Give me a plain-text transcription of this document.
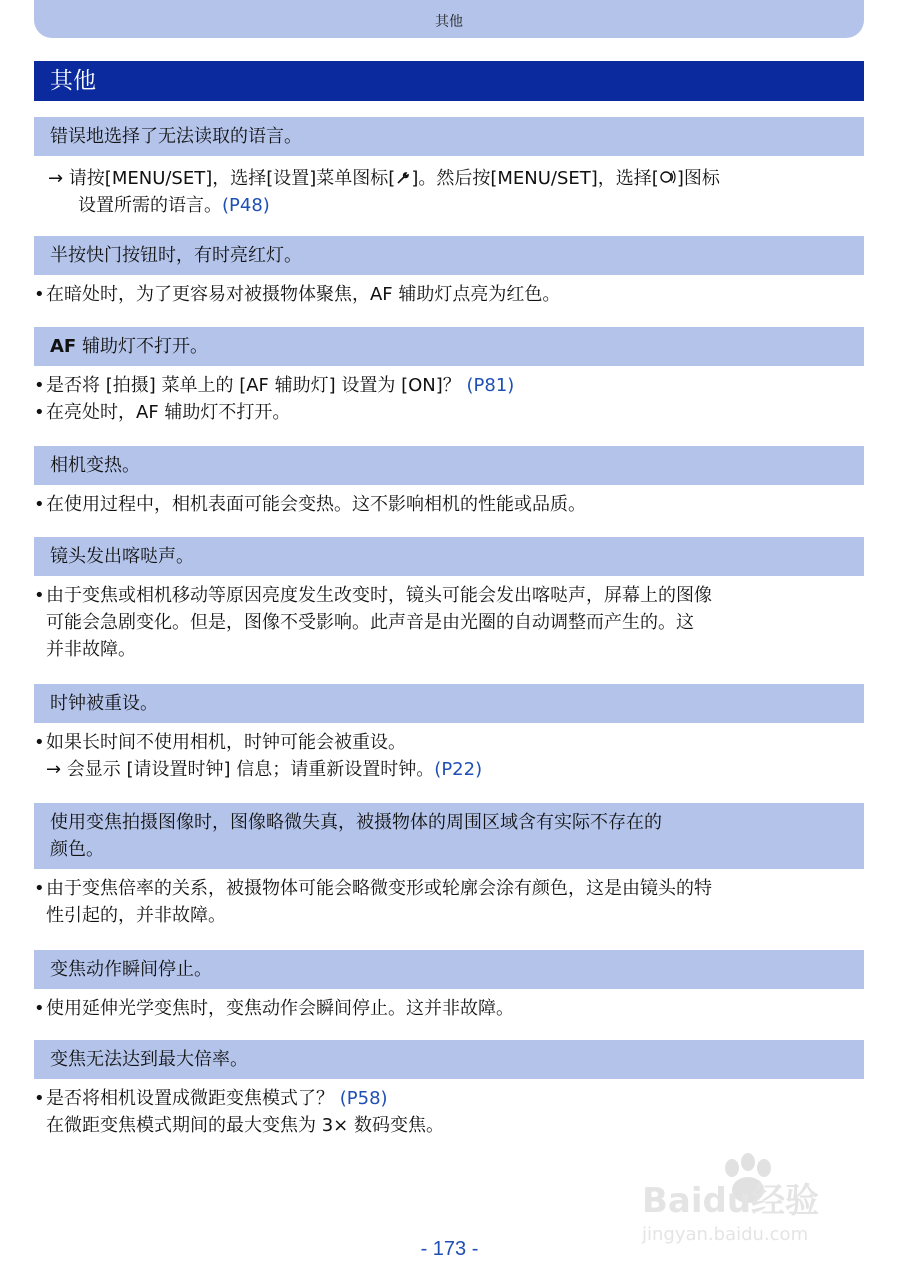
其他
其他
错误地选择了无法读取的语言。
→ 请按[MENU/SET]，选择[设置]菜单图标[ ]。然后按[MENU/SET]，选择[ ]图标
设置所需的语言。(P48)
半按快门按钮时，有时亮红灯。
• 在暗处时，为了更容易对被摄物体聚焦，AF 辅助灯点亮为红色。
AF 辅助灯不打开。
• 是否将 [拍摄] 菜单上的 [AF 辅助灯] 设置为 [ON]？ (P81)
• 在亮处时，AF 辅助灯不打开。
相机变热。
• 在使用过程中，相机表面可能会变热。这不影响相机的性能或品质。
镜头发出喀哒声。
• 由于变焦或相机移动等原因亮度发生改变时，镜头可能会发出喀哒声，屏幕上的图像
可能会急剧变化。但是，图像不受影响。此声音是由光圈的自动调整而产生的。这
并非故障。
时钟被重设。
• 如果长时间不使用相机，时钟可能会被重设。
→ 会显示 [请设置时钟] 信息；请重新设置时钟。(P22)
使用变焦拍摄图像时，图像略微失真，被摄物体的周围区域含有实际不存在的
颜色。
• 由于变焦倍率的关系，被摄物体可能会略微变形或轮廓会涂有颜色，这是由镜头的特
性引起的，并非故障。
变焦动作瞬间停止。
• 使用延伸光学变焦时，变焦动作会瞬间停止。这并非故障。
变焦无法达到最大倍率。
• 是否将相机设置成微距变焦模式了？ (P58)
在微距变焦模式期间的最大变焦为 3× 数码变焦。
Baidu经验
jingyan.baidu.com
- 173 -
